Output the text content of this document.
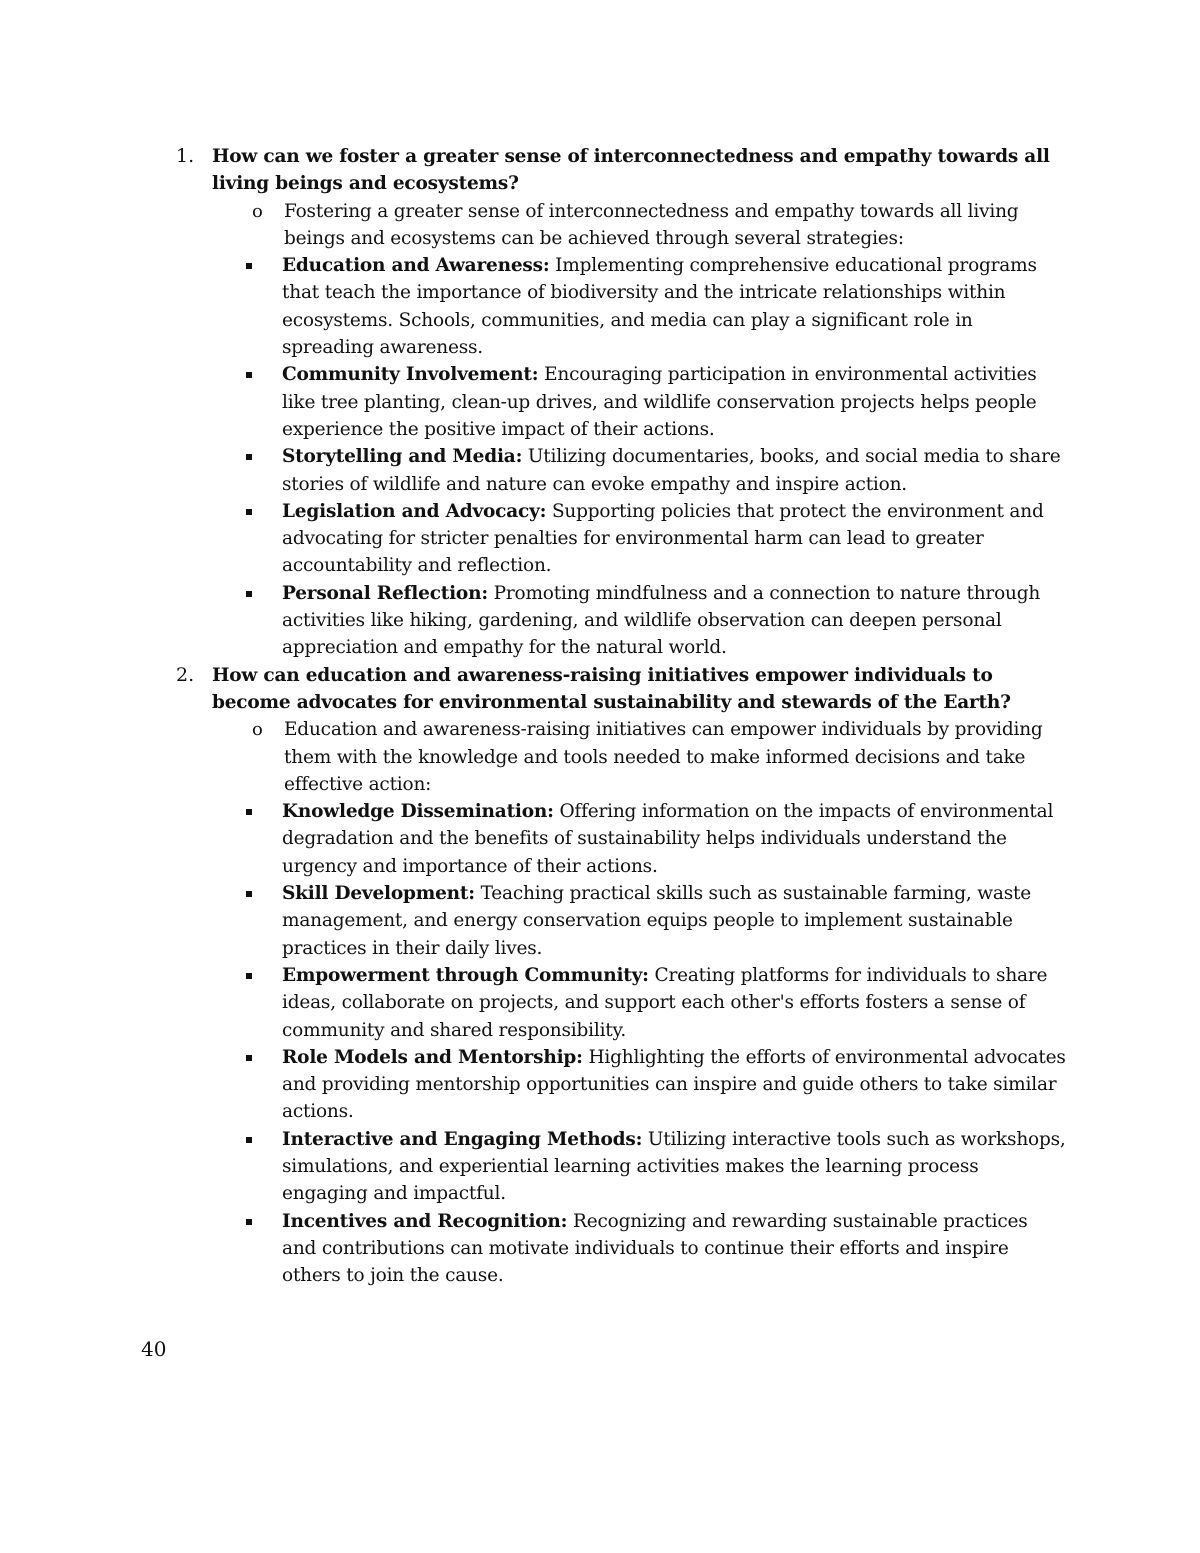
1. How can we foster a greater sense of interconnectedness and empathy towards all living beings and ecosystems?
o Fostering a greater sense of interconnectedness and empathy towards all living beings and ecosystems can be achieved through several strategies:
Education and Awareness: Implementing comprehensive educational programs that teach the importance of biodiversity and the intricate relationships within ecosystems. Schools, communities, and media can play a significant role in spreading awareness.
Community Involvement: Encouraging participation in environmental activities like tree planting, clean-up drives, and wildlife conservation projects helps people experience the positive impact of their actions.
Storytelling and Media: Utilizing documentaries, books, and social media to share stories of wildlife and nature can evoke empathy and inspire action.
Legislation and Advocacy: Supporting policies that protect the environment and advocating for stricter penalties for environmental harm can lead to greater accountability and reflection.
Personal Reflection: Promoting mindfulness and a connection to nature through activities like hiking, gardening, and wildlife observation can deepen personal appreciation and empathy for the natural world.
2. How can education and awareness-raising initiatives empower individuals to become advocates for environmental sustainability and stewards of the Earth?
o Education and awareness-raising initiatives can empower individuals by providing them with the knowledge and tools needed to make informed decisions and take effective action:
Knowledge Dissemination: Offering information on the impacts of environmental degradation and the benefits of sustainability helps individuals understand the urgency and importance of their actions.
Skill Development: Teaching practical skills such as sustainable farming, waste management, and energy conservation equips people to implement sustainable practices in their daily lives.
Empowerment through Community: Creating platforms for individuals to share ideas, collaborate on projects, and support each other's efforts fosters a sense of community and shared responsibility.
Role Models and Mentorship: Highlighting the efforts of environmental advocates and providing mentorship opportunities can inspire and guide others to take similar actions.
Interactive and Engaging Methods: Utilizing interactive tools such as workshops, simulations, and experiential learning activities makes the learning process engaging and impactful.
Incentives and Recognition: Recognizing and rewarding sustainable practices and contributions can motivate individuals to continue their efforts and inspire others to join the cause.
40
